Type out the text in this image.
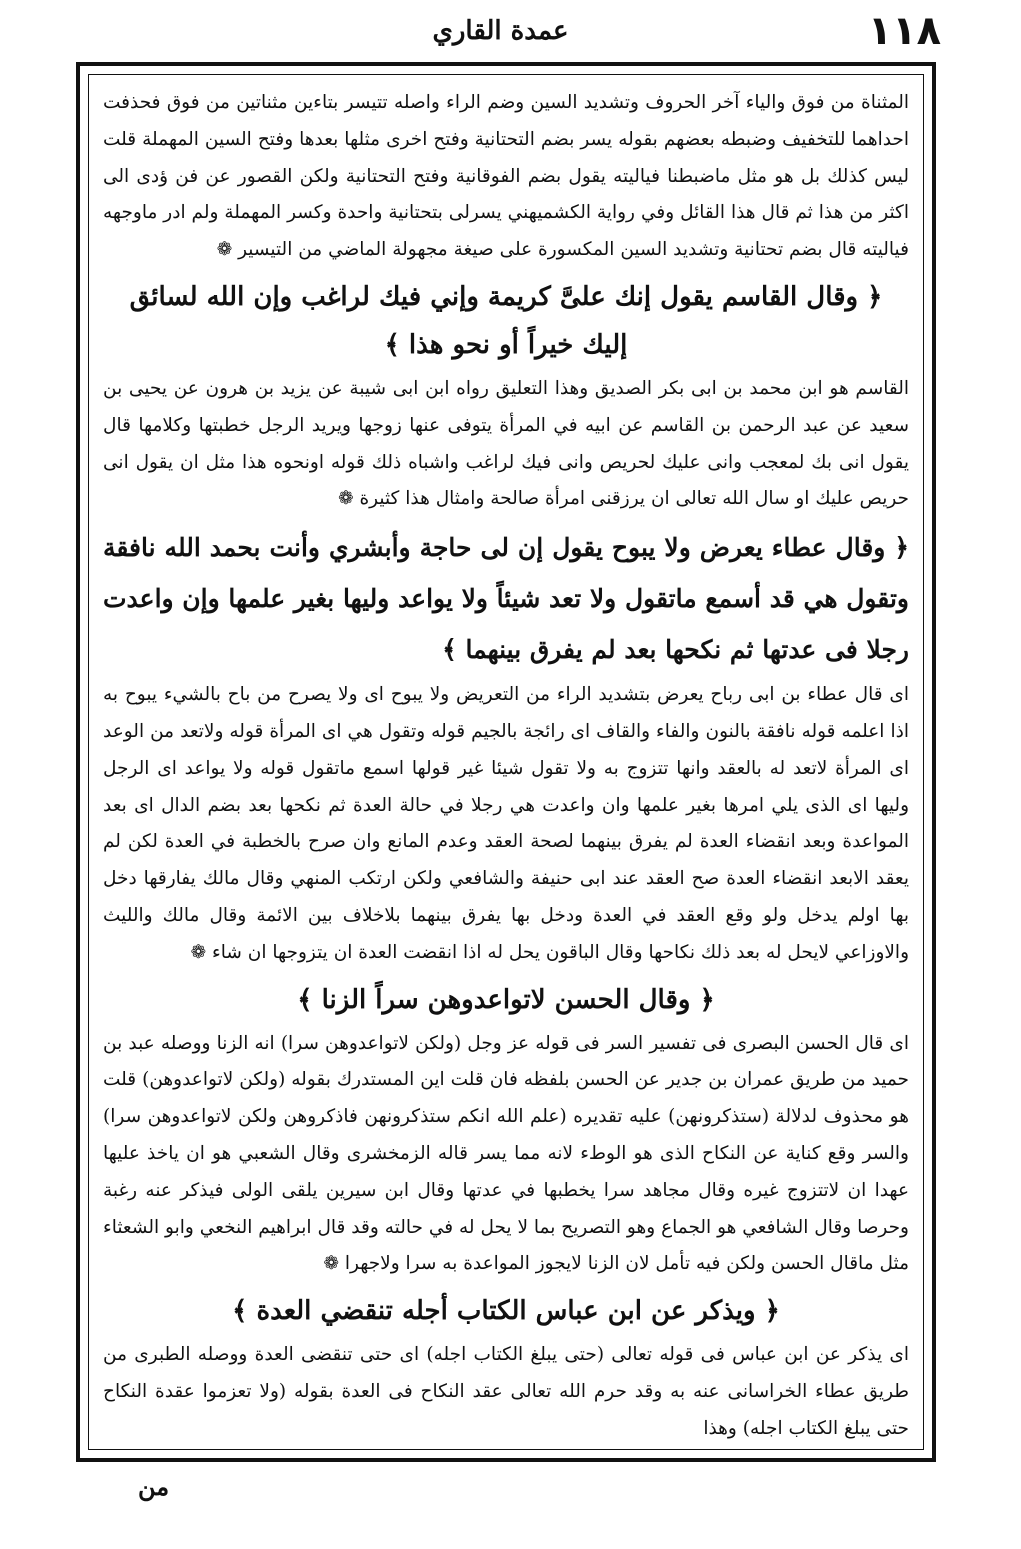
عمدة القاري	١١٨

المثناة من فوق والياء آخر الحروف وتشديد السين وضم الراء واصله تتيسر بتاءين مثناتين من فوق فحذفت احداهما للتخفيف وضبطه بعضهم بقوله يسر بضم التحتانية وفتح اخرى مثلها بعدها وفتح السين المهملة قلت ليس كذلك بل هو مثل ماضبطنا فياليته يقول بضم الفوقانية وفتح التحتانية ولكن القصور عن فن ؤدى الى اكثر من هذا ثم قال هذا القائل وفي رواية الكشميهني يسرلى بتحتانية واحدة وكسر المهملة ولم ادر ماوجهه فياليته قال بضم تحتانية وتشديد السين المكسورة على صيغة مجهولة الماضي من التيسير ❁

﴿ وقال القاسم يقول إنك علىَّ كريمة وإني فيك لراغب وإن الله لسائق إليك خيراً أو نحو هذا ﴾

القاسم هو ابن محمد بن ابى بكر الصديق وهذا التعليق رواه ابن ابى شيبة عن يزيد بن هرون عن يحيى بن سعيد عن عبد الرحمن بن القاسم عن ابيه في المرأة يتوفى عنها زوجها ويريد الرجل خطبتها وكلامها قال يقول انى بك لمعجب وانى عليك لحريص وانى فيك لراغب واشباه ذلك قوله اونحوه هذا مثل ان يقول انى حريص عليك او سال الله تعالى ان يرزقنى امرأة صالحة وامثال هذا كثيرة ❁

﴿ وقال عطاء يعرض ولا يبوح يقول إن لى حاجة وأبشري وأنت بحمد الله نافقة وتقول هي قد أسمع ماتقول ولا تعد شيئاً ولا يواعد وليها بغير علمها وإن واعدت رجلا فى عدتها ثم نكحها بعد لم يفرق بينهما ﴾

اى قال عطاء بن ابى رباح يعرض بتشديد الراء من التعريض ولا يبوح اى ولا يصرح من باح بالشيء يبوح به اذا اعلمه قوله نافقة بالنون والفاء والقاف اى رائجة بالجيم قوله وتقول هي اى المرأة قوله ولاتعد من الوعد اى المرأة لاتعد له بالعقد وانها تتزوج به ولا تقول شيئا غير قولها اسمع ماتقول قوله ولا يواعد اى الرجل وليها اى الذى يلي امرها بغير علمها وان واعدت هي رجلا في حالة العدة ثم نكحها بعد بضم الدال اى بعد المواعدة وبعد انقضاء العدة لم يفرق بينهما لصحة العقد وعدم المانع وان صرح بالخطبة في العدة لكن لم يعقد الابعد انقضاء العدة صح العقد عند ابى حنيفة والشافعي ولكن ارتكب المنهي وقال مالك يفارقها دخل بها اولم يدخل ولو وقع العقد في العدة ودخل بها يفرق بينهما بلاخلاف بين الائمة وقال مالك والليث والاوزاعي لايحل له بعد ذلك نكاحها وقال الباقون يحل له اذا انقضت العدة ان يتزوجها ان شاء ❁

﴿ وقال الحسن لاتواعدوهن سراً الزنا ﴾

اى قال الحسن البصرى فى تفسير السر فى قوله عز وجل (ولكن لاتواعدوهن سرا) انه الزنا ووصله عبد بن حميد من طريق عمران بن جدير عن الحسن بلفظه فان قلت اين المستدرك بقوله (ولكن لاتواعدوهن) قلت هو محذوف لدلالة (ستذكرونهن) عليه تقديره (علم الله انكم ستذكرونهن فاذكروهن ولكن لاتواعدوهن سرا) والسر وقع كناية عن النكاح الذى هو الوطء لانه مما يسر قاله الزمخشرى وقال الشعبي هو ان ياخذ عليها عهدا ان لاتتزوج غيره وقال مجاهد سرا يخطبها في عدتها وقال ابن سيرين يلقى الولى فيذكر عنه رغبة وحرصا وقال الشافعي هو الجماع وهو التصريح بما لا يحل له في حالته وقد قال ابراهيم النخعي وابو الشعثاء مثل ماقال الحسن ولكن فيه تأمل لان الزنا لايجوز المواعدة به سرا ولاجهرا ❁

﴿ ويذكر عن ابن عباس الكتاب أجله تنقضي العدة ﴾

اى يذكر عن ابن عباس فى قوله تعالى (حتى يبلغ الكتاب اجله) اى حتى تنقضى العدة ووصله الطبرى من طريق عطاء الخراسانى عنه به وقد حرم الله تعالى عقد النكاح فى العدة بقوله (ولا تعزموا عقدة النكاح حتى يبلغ الكتاب اجله) وهذا

من
